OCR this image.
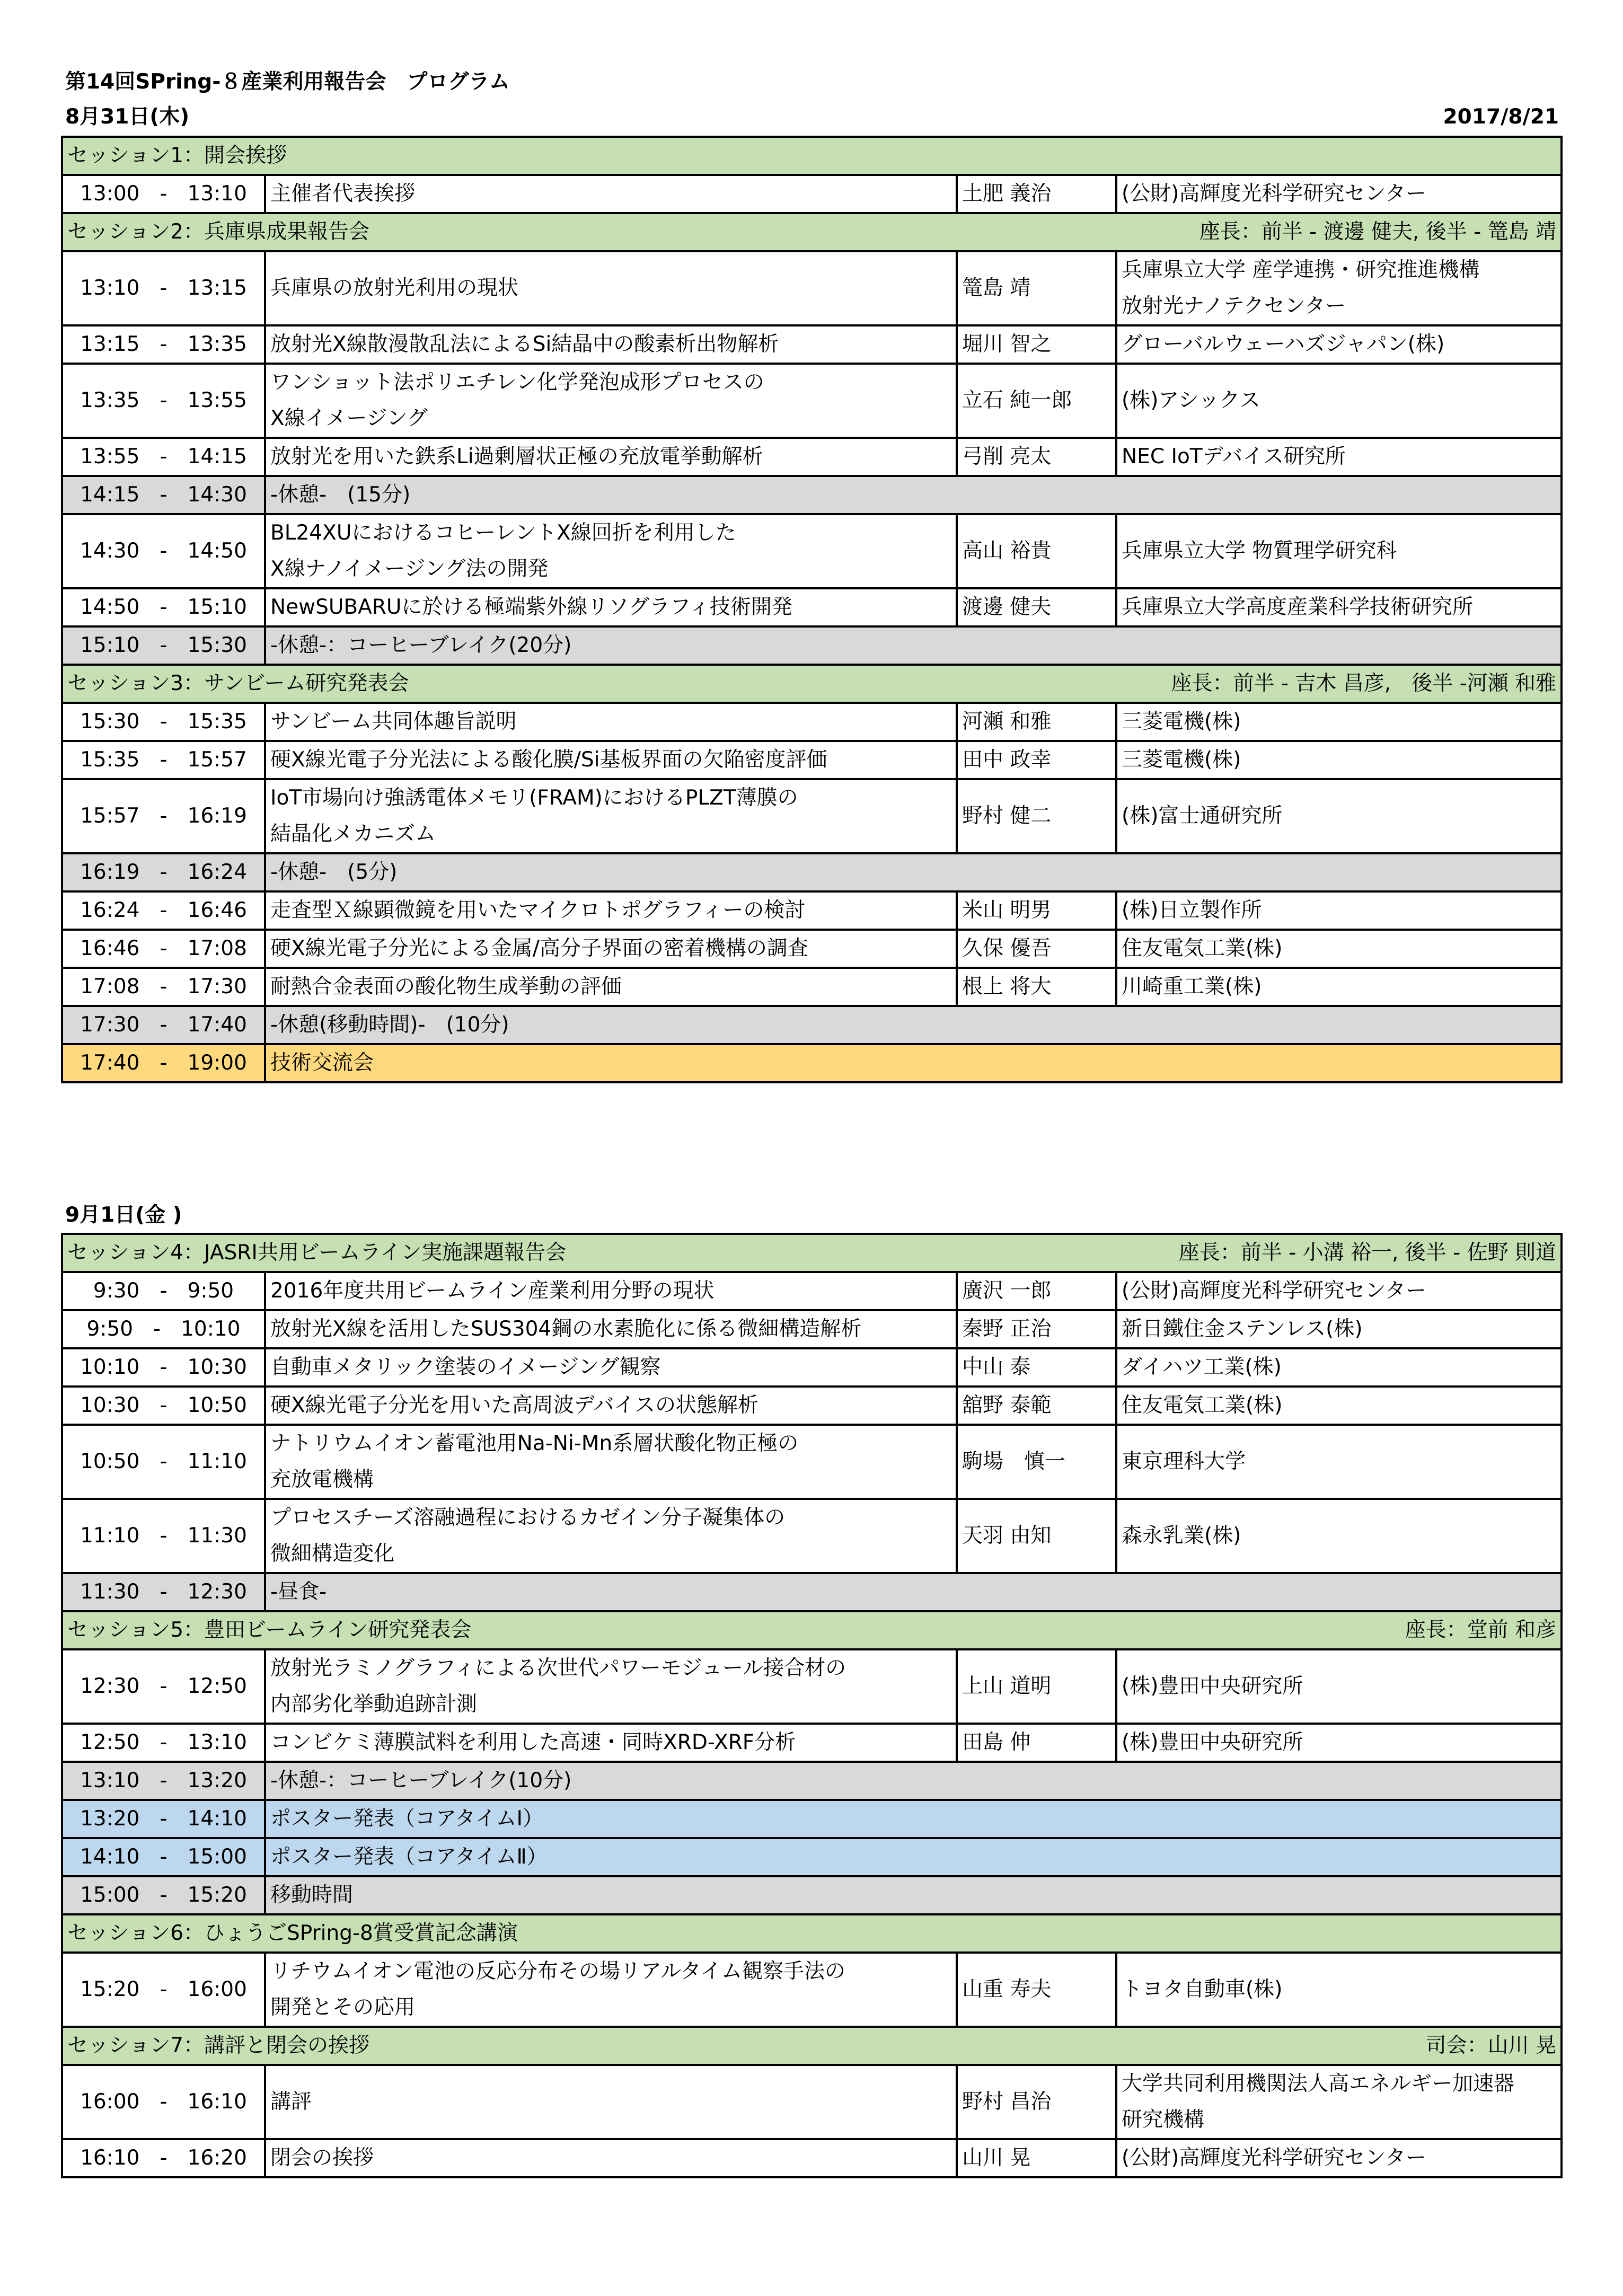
第14回SPring-８産業利用報告会　プログラム
8月31日(木)	2017/8/21
セッション1：開会挨拶			
13:00 - 13:10	主催者代表挨拶	土肥 義治	(公財)高輝度光科学研究センター

座長：前半 - 渡邊 健夫, 後半 - 篭島 靖
セッション2：兵庫県成果報告会			
13:10 - 13:15	兵庫県の放射光利用の現状	篭島 靖	兵庫県立大学 産学連携・研究推進機構
放射光ナノテクセンター

13:15 - 13:35	放射光X線散漫散乱法によるSi結晶中の酸素析出物解析	堀川 智之	グローバルウェーハズジャパン(株)

13:35 - 13:55	ワンショット法ポリエチレン化学発泡成形プロセスの
X線イメージング	立石 純一郎	(株)アシックス

13:55 - 14:15	放射光を用いた鉄系Li過剰層状正極の充放電挙動解析	弓削 亮太	NEC IoTデバイス研究所

14:15 - 14:30	-休憩-　(15分)		
14:30 - 14:50	BL24XUにおけるコヒーレントX線回折を利用した
X線ナノイメージング法の開発	高山 裕貴	兵庫県立大学 物質理学研究科

14:50 - 15:10	NewSUBARUに於ける極端紫外線リソグラフィ技術開発	渡邊 健夫	兵庫県立大学高度産業科学技術研究所

15:10 - 15:30	-休憩-：コーヒーブレイク(20分)		

座長：前半 - 吉木 昌彦,　後半 -河瀬 和雅
セッション3：サンビーム研究発表会			
15:30 - 15:35	サンビーム共同体趣旨説明	河瀬 和雅	三菱電機(株)

15:35 - 15:57	硬X線光電子分光法による酸化膜/Si基板界面の欠陥密度評価	田中 政幸	三菱電機(株)

15:57 - 16:19	IoT市場向け強誘電体メモリ(FRAM)におけるPLZT薄膜の
結晶化メカニズム	野村 健二	(株)富士通研究所

16:19 - 16:24	-休憩-　(5分)		
16:24 - 16:46	走査型Ｘ線顕微鏡を用いたマイクロトポグラフィーの検討	米山 明男	(株)日立製作所

16:46 - 17:08	硬X線光電子分光による金属/高分子界面の密着機構の調査	久保 優吾	住友電気工業(株)

17:08 - 17:30	耐熱合金表面の酸化物生成挙動の評価	根上 将大	川崎重工業(株)

17:30 - 17:40	-休憩(移動時間)-　(10分)		
17:40 - 19:00	技術交流会		
9月1日(金 )
座長：前半 - 小溝 裕一, 後半 - 佐野 則道
セッション4：JASRI共用ビームライン実施課題報告会			
9:30 - 9:50	2016年度共用ビームライン産業利用分野の現状	廣沢 一郎	(公財)高輝度光科学研究センター

9:50 - 10:10	放射光X線を活用したSUS304鋼の水素脆化に係る微細構造解析	秦野 正治	新日鐵住金ステンレス(株)

10:10 - 10:30	自動車メタリック塗装のイメージング観察	中山 泰	ダイハツ工業(株)

10:30 - 10:50	硬X線光電子分光を用いた高周波デバイスの状態解析	舘野 泰範	住友電気工業(株)

10:50 - 11:10	ナトリウムイオン蓄電池用Na-Ni-Mn系層状酸化物正極の
充放電機構	駒場　慎一	東京理科大学

11:10 - 11:30	プロセスチーズ溶融過程におけるカゼイン分子凝集体の
微細構造変化	天羽 由知	森永乳業(株)

11:30 - 12:30	-昼食-		

座長：堂前 和彦
セッション5：豊田ビームライン研究発表会			
12:30 - 12:50	放射光ラミノグラフィによる次世代パワーモジュール接合材の
内部劣化挙動追跡計測	上山 道明	(株)豊田中央研究所

12:50 - 13:10	コンビケミ薄膜試料を利用した高速・同時XRD-XRF分析	田島 伸	(株)豊田中央研究所

13:10 - 13:20	-休憩-：コーヒーブレイク(10分)		
13:20 - 14:10	ポスター発表（コアタイムⅠ）		
14:10 - 15:00	ポスター発表（コアタイムⅡ）		
15:00 - 15:20	移動時間		
セッション6：ひょうごSPring-8賞受賞記念講演			
15:20 - 16:00	リチウムイオン電池の反応分布その場リアルタイム観察手法の
開発とその応用	山重 寿夫	トヨタ自動車(株)

司会：山川 晃
セッション7：講評と閉会の挨拶			
16:00 - 16:10	講評	野村 昌治	大学共同利用機関法人高エネルギー加速器
研究機構

16:10 - 16:20	閉会の挨拶	山川 晃	(公財)高輝度光科学研究センター
